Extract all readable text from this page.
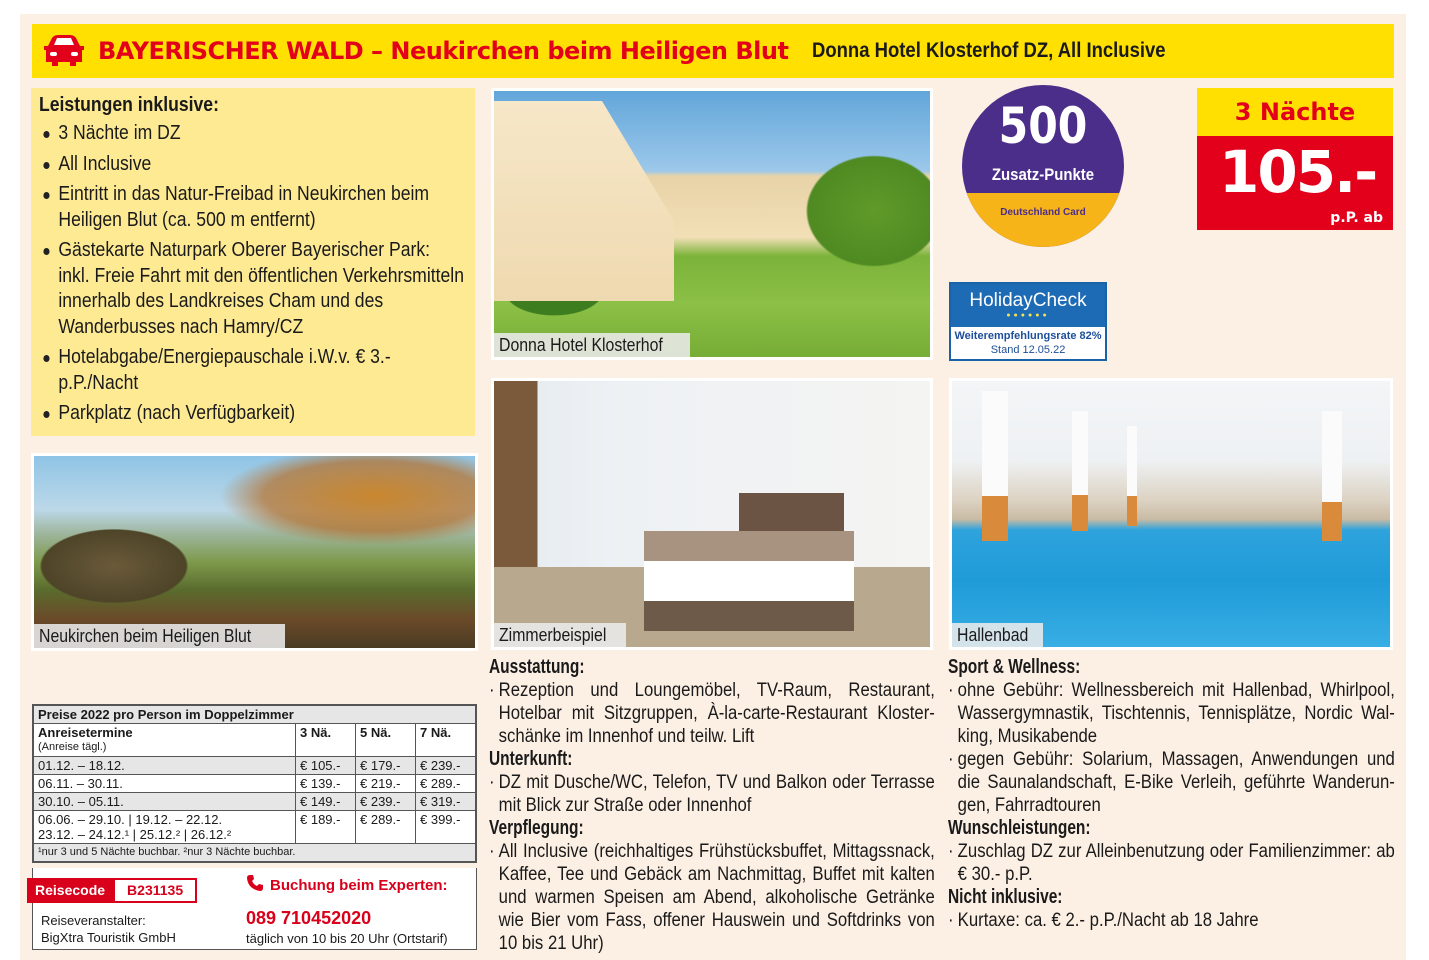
BAYERISCHER WALD – Neukirchen beim Heiligen Blut Donna Hotel Klosterhof DZ, All Inclusive
Leistungen inklusive:
3 Nächte im DZ
All Inclusive
Eintritt in das Natur-Freibad in Neukirchen beim Heiligen Blut (ca. 500 m entfernt)
Gästekarte Naturpark Oberer Bayerischer Park: inkl. Freie Fahrt mit den öffentlichen Verkehrsmitteln innerhalb des Landkreises Cham und des Wanderbusses nach Hamry/CZ
Hotelabgabe/Energiepauschale i.W.v. € 3.- p.P./Nacht
Parkplatz (nach Verfügbarkeit)
Neukirchen beim Heiligen Blut
Donna Hotel Klosterhof
Zimmerbeispiel	Hallenbad
500
Zusatz-Punkte
Deutschland Card
3 Nächte
105.-
p.P. ab
HolidayCheck
●●●●●●
Weiterempfehlungsrate 82%
Stand 12.05.22
Ausstattung:

· Rezeption und Loungemöbel, TV-Raum, Restaurant, Hotelbar mit Sitzgruppen, À-la-carte-Restaurant Klosterschänke im Innenhof und teilw. Lift

Unterkunft:

· DZ mit Dusche/WC, Telefon, TV und Balkon oder Terrasse mit Blick zur Straße oder Innenhof

Verpflegung:

· All Inclusive (reichhaltiges Frühstücksbuffet, Mittagssnack, Kaffee, Tee und Gebäck am Nachmittag, Buffet mit kalten und warmen Speisen am Abend, alkoholische Getränke wie Bier vom Fass, offener Hauswein und Softdrinks von 10 bis 21 Uhr)

Sport & Wellness:

· ohne Gebühr: Wellnessbereich mit Hallenbad, Whirlpool, Wassergymnastik, Tischtennis, Tennisplätze, Nordic Walking, Musikabende

· gegen Gebühr: Solarium, Massagen, Anwendungen und die Saunalandschaft, E-Bike Verleih, geführte Wanderungen, Fahrradtouren

Wunschleistungen:

· Zuschlag DZ zur Alleinbenutzung oder Familienzimmer: ab € 30.- p.P.

Nicht inklusive:

· Kurtaxe: ca. € 2.- p.P./Nacht ab 18 Jahre

Preise 2022 pro Person im Doppelzimmer			
Anreisetermine
(Anreise tägl.)	3 Nä.	5 Nä.	7 Nä.
01.12. – 18.12.	€ 105.-	€ 179.-	€ 239.-
06.11. – 30.11.	€ 139.-	€ 219.-	€ 289.-
30.10. – 05.11.	€ 149.-	€ 239.-	€ 319.-

06.06. – 29.10. | 19.12. – 22.12.
23.12. – 24.12.¹ | 25.12.² | 26.12.²	€ 189.-	€ 289.-	€ 399.-
¹nur 3 und 5 Nächte buchbar. ²nur 3 Nächte buchbar.			
Reisecode	B231135
Reiseveranstalter:
BigXtra Touristik GmbH
Buchung beim Experten:
089 710452020
täglich von 10 bis 20 Uhr (Ortstarif)
